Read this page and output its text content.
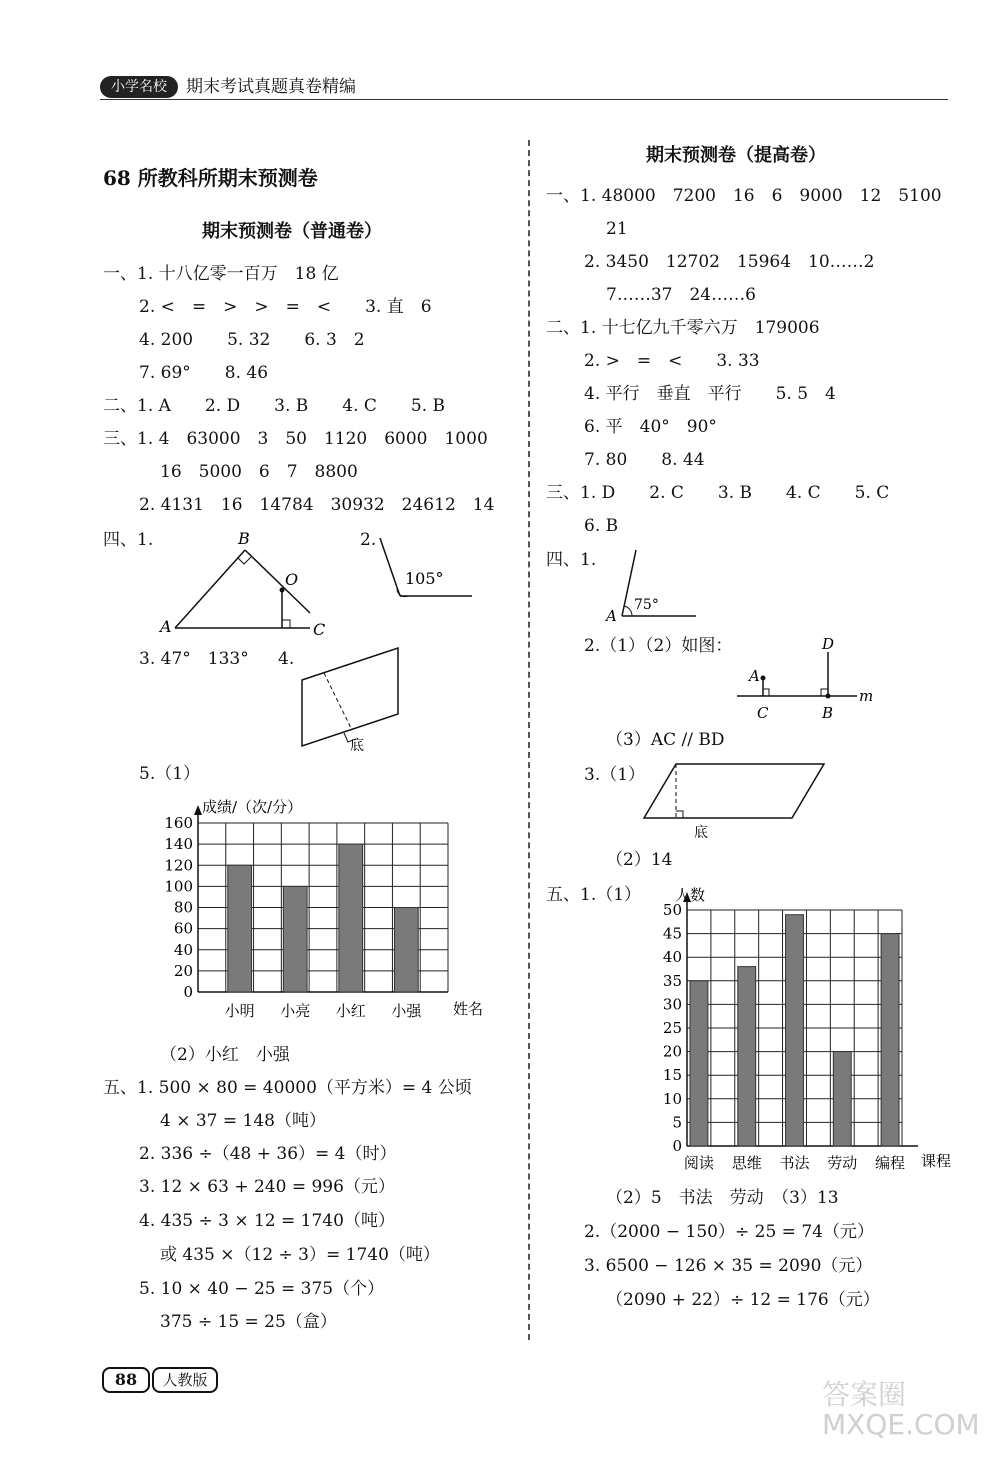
小学名校	期末考试真题真卷精编
68 所教科所期末预测卷
期末预测卷（普通卷）
一、1. 十八亿零一百万　18 亿
2. <　=　>　>　=　<　　3. 直　6
4. 200　　5. 32　　6. 3　2
7. 69°　　8. 46
二、1. A　　2. D　　3. B　　4. C　　5. B
三、1. 4　63000　3　50　1120　6000　1000
16　5000　6　7　8800
2. 4131　16　14784　30932　24612　14
四、1.	2.
B
O
A	C
105°
3. 47°　133° 4.
底
5.（1）
160
140
120
100
80
60
40
20
0
小明 小亮 小红 小强
成绩/（次/分）
姓名
（2）小红　小强
五、1. 500 × 80 = 40000（平方米）= 4 公顷
4 × 37 = 148（吨）
2. 336 ÷（48 + 36）= 4（时）
3. 12 × 63 + 240 = 996（元）
4. 435 ÷ 3 × 12 = 1740（吨）
或 435 ×（12 ÷ 3）= 1740（吨）
5. 10 × 40 − 25 = 375（个）
375 ÷ 15 = 25（盒）
期末预测卷（提高卷）
一、1. 48000　7200　16　6　9000　12　5100
21
2. 3450　12702　15964　10……2
7……37　24……6
二、1. 十七亿九千零六万　179006
2. >　=　<　　3. 33
4. 平行　垂直　平行　　5. 5　4
6. 平　40°　90°
7. 80　　8. 44
三、1. D　　2. C　　3. B　　4. C　　5. C
6. B
四、1.
A
75°
2.（1）（2）如图：
A
C
D
B
m
（3）AC // BD
3.（1）
底
（2）14
五、1.（1）
50
45
40
35
30
25
20
15
10
5
0
阅读 思维 书法 劳动 编程
人数
课程
（2）5　书法　劳动　（3）13
2.（2000 − 150）÷ 25 = 74（元）
3. 6500 − 126 × 35 = 2090（元）
（2090 + 22）÷ 12 = 176（元）
88	人教版	答案圈 MXQE.COM
